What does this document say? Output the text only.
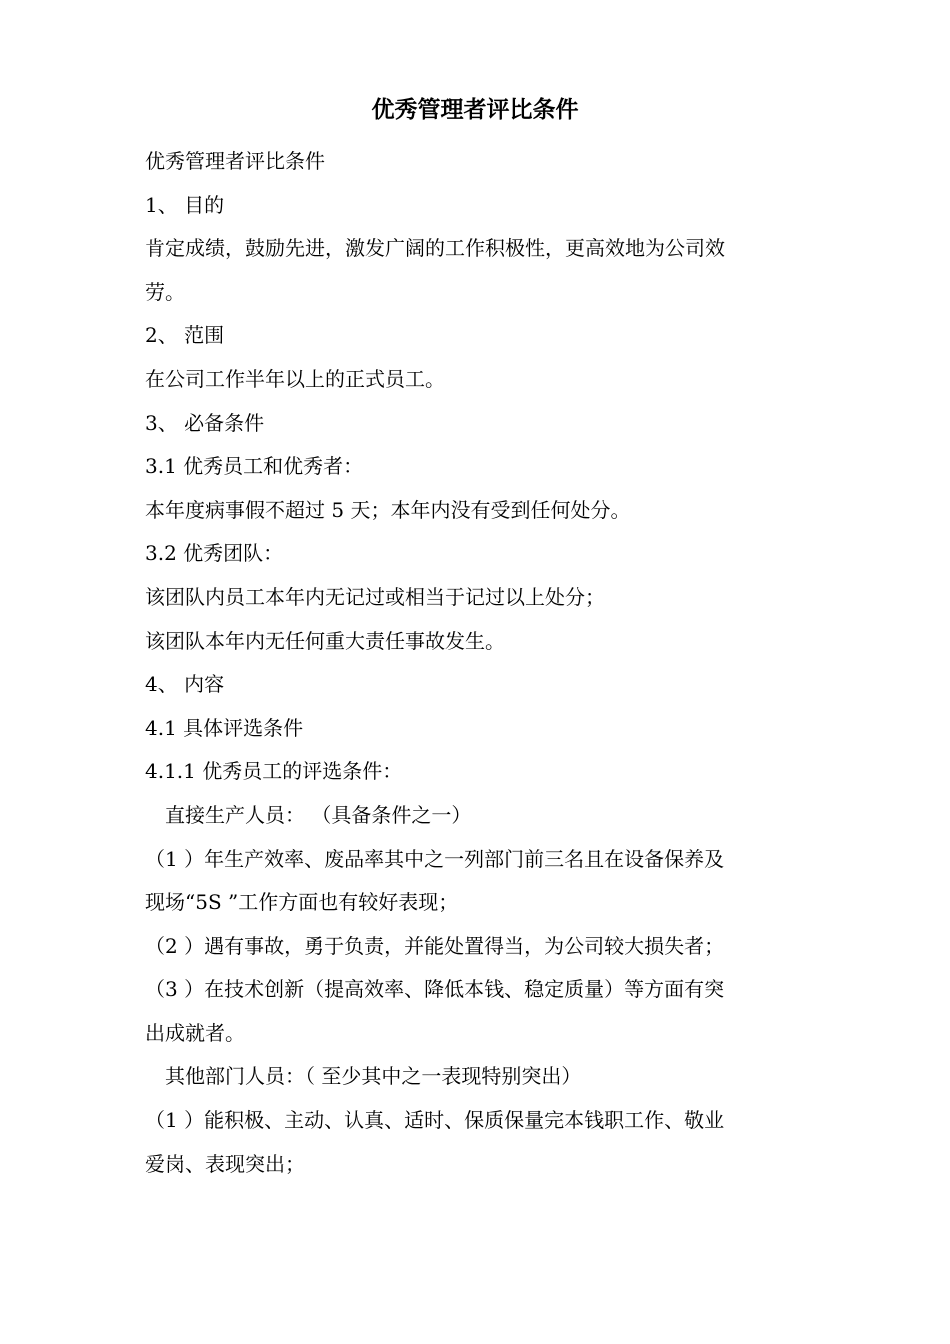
优秀管理者评比条件
优秀管理者评比条件
1、 目的
肯定成绩，鼓励先进，激发广阔的工作积极性，更高效地为公司效
劳。
2、 范围
在公司工作半年以上的正式员工。
3、 必备条件
3.1 优秀员工和优秀者：
本年度病事假不超过 5 天；本年内没有受到任何处分。
3.2 优秀团队：
该团队内员工本年内无记过或相当于记过以上处分；
该团队本年内无任何重大责任事故发生。
4、 内容
4.1 具体评选条件
4.1.1 优秀员工的评选条件：
直接生产人员： （具备条件之一）
（1 ）年生产效率、废品率其中之一列部门前三名且在设备保养及
现场“5S ”工作方面也有较好表现；
（2 ）遇有事故，勇于负责，并能处置得当，为公司较大损失者；
（3 ）在技术创新（提高效率、降低本钱、稳定质量）等方面有突
出成就者。
其他部门人员：（ 至少其中之一表现特别突出）
（1 ）能积极、主动、认真、适时、保质保量完本钱职工作、敬业
爱岗、表现突出；
